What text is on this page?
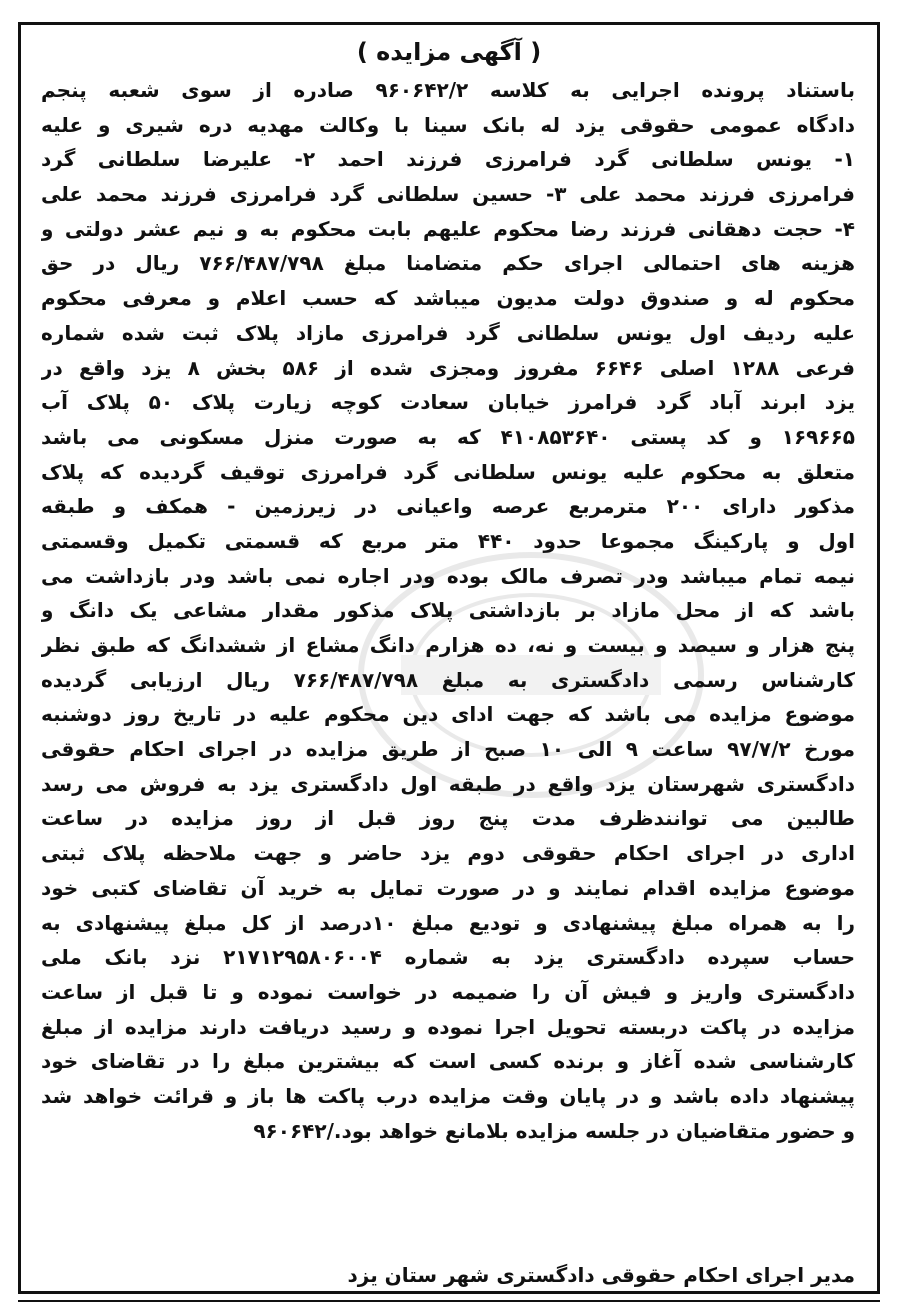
( آگهی مزایده )
باستناد پرونده اجرایی به کلاسه ۹۶۰۶۴۲/۲ صادره از سوی شعبه پنجم
دادگاه عمومی حقوقی یزد له بانک سینا با وکالت مهدیه دره شیری و علیه
۱- یونس سلطانی گرد فرامرزی فرزند احمد ۲- علیرضا سلطانی گرد
فرامرزی فرزند محمد علی ۳- حسین سلطانی گرد فرامرزی فرزند محمد علی
۴- حجت دهقانی فرزند رضا محکوم علیهم بابت محکوم به و نیم عشر دولتی و
هزینه های احتمالی اجرای حکم متضامنا مبلغ ۷۶۶/۴۸۷/۷۹۸ ریال در حق
محکوم له و صندوق دولت مدیون میباشد که حسب اعلام و معرفی محکوم
علیه ردیف اول یونس سلطانی گرد فرامرزی مازاد پلاک ثبت شده شماره
فرعی ۱۲۸۸ اصلی ۶۶۴۶ مفروز ومجزی شده از ۵۸۶ بخش ۸ یزد واقع در
یزد ابرند آباد گرد فرامرز خیابان سعادت کوچه زیارت پلاک ۵۰ پلاک آب
۱۶۹۶۶۵ و کد پستی ۴۱۰۸۵۳۶۴۰ که به صورت منزل مسکونی می باشد
متعلق به محکوم علیه یونس سلطانی گرد فرامرزی توقیف گردیده که پلاک
مذکور دارای ۲۰۰ مترمربع عرصه واعیانی در زیرزمین - همکف و طبقه
اول و پارکینگ مجموعا حدود ۴۴۰ متر مربع که قسمتی تکمیل وقسمتی
نیمه تمام میباشد ودر تصرف مالک بوده ودر اجاره نمی باشد ودر بازداشت می
باشد که از محل مازاد بر بازداشتی پلاک مذکور مقدار مشاعی یک دانگ و
پنج هزار و سیصد و بیست و نه، ده هزارم دانگ مشاع از ششدانگ که طبق نظر
کارشناس رسمی دادگستری به مبلغ ۷۶۶/۴۸۷/۷۹۸ ریال ارزیابی گردیده
موضوع مزایده می باشد که جهت ادای دین محکوم علیه در تاریخ روز دوشنبه
مورخ ۹۷/۷/۲ ساعت ۹ الی ۱۰ صبح از طریق مزایده در اجرای احکام حقوقی
دادگستری شهرستان یزد واقع در طبقه اول دادگستری یزد به فروش می رسد
طالبین می توانندظرف مدت پنج روز قبل از روز مزایده در ساعت
اداری در اجرای احکام حقوقی دوم یزد حاضر و جهت ملاحظه پلاک ثبتی
موضوع مزایده اقدام نمایند و در صورت تمایل به خرید آن تقاضای کتبی خود
را به همراه مبلغ پیشنهادی و تودیع مبلغ ۱۰درصد از کل مبلغ پیشنهادی به
حساب سپرده دادگستری یزد به شماره ۲۱۷۱۲۹۵۸۰۶۰۰۴ نزد بانک ملی
دادگستری واریز و فیش آن را ضمیمه در خواست نموده و تا قبل از ساعت
مزایده در پاکت دربسته تحویل اجرا نموده و رسید دریافت دارند مزایده از مبلغ
کارشناسی شده آغاز و برنده کسی است که بیشترین مبلغ را در تقاضای خود
پیشنهاد داده باشد و در پایان وقت مزایده درب پاکت ها باز و قرائت خواهد شد
و حضور متقاضیان در جلسه مزایده بلامانع خواهد بود./۹۶۰۶۴۲
مدیر اجرای احکام حقوقی دادگستری شهر ستان یزد
